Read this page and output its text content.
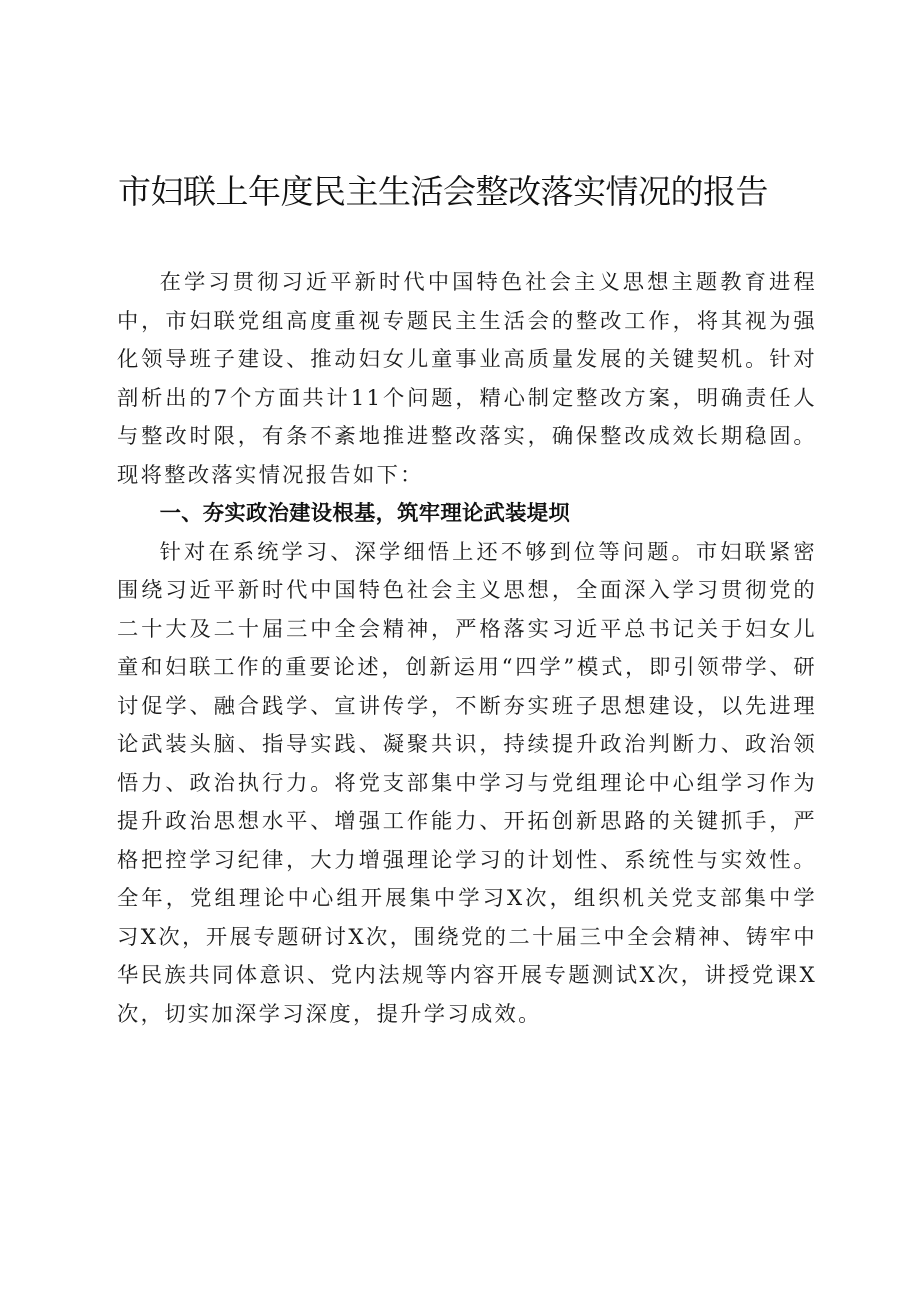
市妇联上年度民主生活会整改落实情况的报告

在学习贯彻习近平新时代中国特色社会主义思想主题教育进程中，市妇联党组高度重视专题民主生活会的整改工作，将其视为强化领导班子建设、推动妇女儿童事业高质量发展的关键契机。针对剖析出的7个方面共计11个问题，精心制定整改方案，明确责任人与整改时限，有条不紊地推进整改落实，确保整改成效长期稳固。现将整改落实情况报告如下：

一、夯实政治建设根基，筑牢理论武装堤坝

针对在系统学习、深学细悟上还不够到位等问题。市妇联紧密围绕习近平新时代中国特色社会主义思想，全面深入学习贯彻党的二十大及二十届三中全会精神，严格落实习近平总书记关于妇女儿童和妇联工作的重要论述，创新运用“四学”模式，即引领带学、研讨促学、融合践学、宣讲传学，不断夯实班子思想建设，以先进理论武装头脑、指导实践、凝聚共识，持续提升政治判断力、政治领悟力、政治执行力。将党支部集中学习与党组理论中心组学习作为提升政治思想水平、增强工作能力、开拓创新思路的关键抓手，严格把控学习纪律，大力增强理论学习的计划性、系统性与实效性。全年，党组理论中心组开展集中学习X次，组织机关党支部集中学习X次，开展专题研讨X次，围绕党的二十届三中全会精神、铸牢中华民族共同体意识、党内法规等内容开展专题测试X次，讲授党课X次，切实加深学习深度，提升学习成效。
